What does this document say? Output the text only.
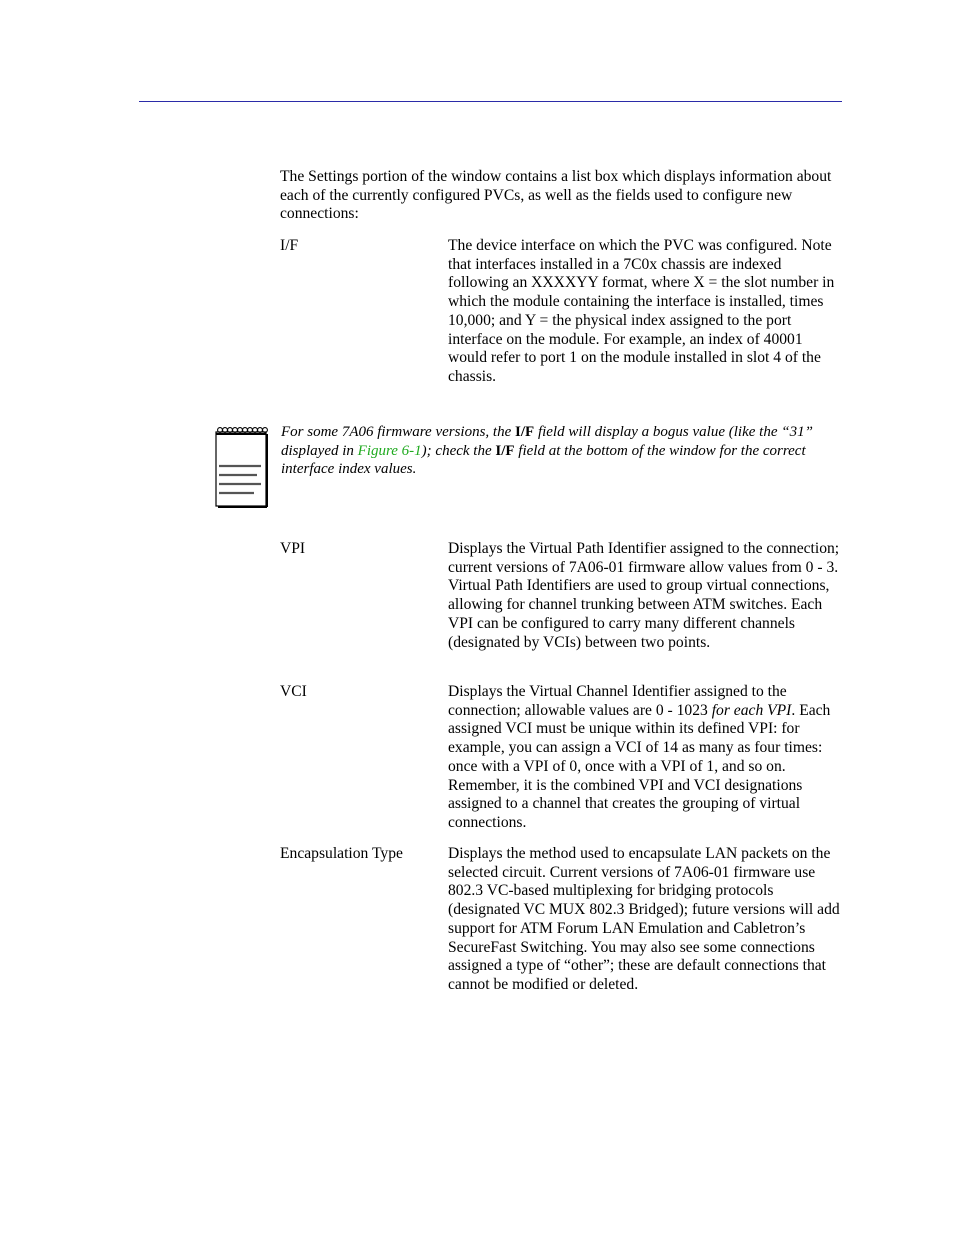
The Settings portion of the window contains a list box which displays information about each of the currently configured PVCs, as well as the fields used to configure new connections:

I/F	The device interface on which the PVC was configured. Note that interfaces installed in a 7C0x chassis are indexed following an XXXXYY format, where X = the slot number in which the module containing the interface is installed, times 10,000; and Y = the physical index assigned to the port interface on the module. For example, an index of 40001 would refer to port 1 on the module installed in slot 4 of the chassis.

For some 7A06 firmware versions, the I/F field will display a bogus value (like the “31” displayed in Figure 6-1); check the I/F field at the bottom of the window for the correct interface index values.

VPI	Displays the Virtual Path Identifier assigned to the connection; current versions of 7A06-01 firmware allow values from 0 - 3. Virtual Path Identifiers are used to group virtual connections, allowing for channel trunking between ATM switches. Each VPI can be configured to carry many different channels (designated by VCIs) between two points.

VCI	Displays the Virtual Channel Identifier assigned to the connection; allowable values are 0 - 1023 for each VPI. Each assigned VCI must be unique within its defined VPI: for example, you can assign a VCI of 14 as many as four times: once with a VPI of 0, once with a VPI of 1, and so on. Remember, it is the combined VPI and VCI designations assigned to a channel that creates the grouping of virtual connections.

Encapsulation Type	Displays the method used to encapsulate LAN packets on the selected circuit. Current versions of 7A06-01 firmware use 802.3 VC-based multiplexing for bridging protocols (designated VC MUX 802.3 Bridged); future versions will add support for ATM Forum LAN Emulation and Cabletron’s SecureFast Switching. You may also see some connections assigned a type of “other”; these are default connections that cannot be modified or deleted.
